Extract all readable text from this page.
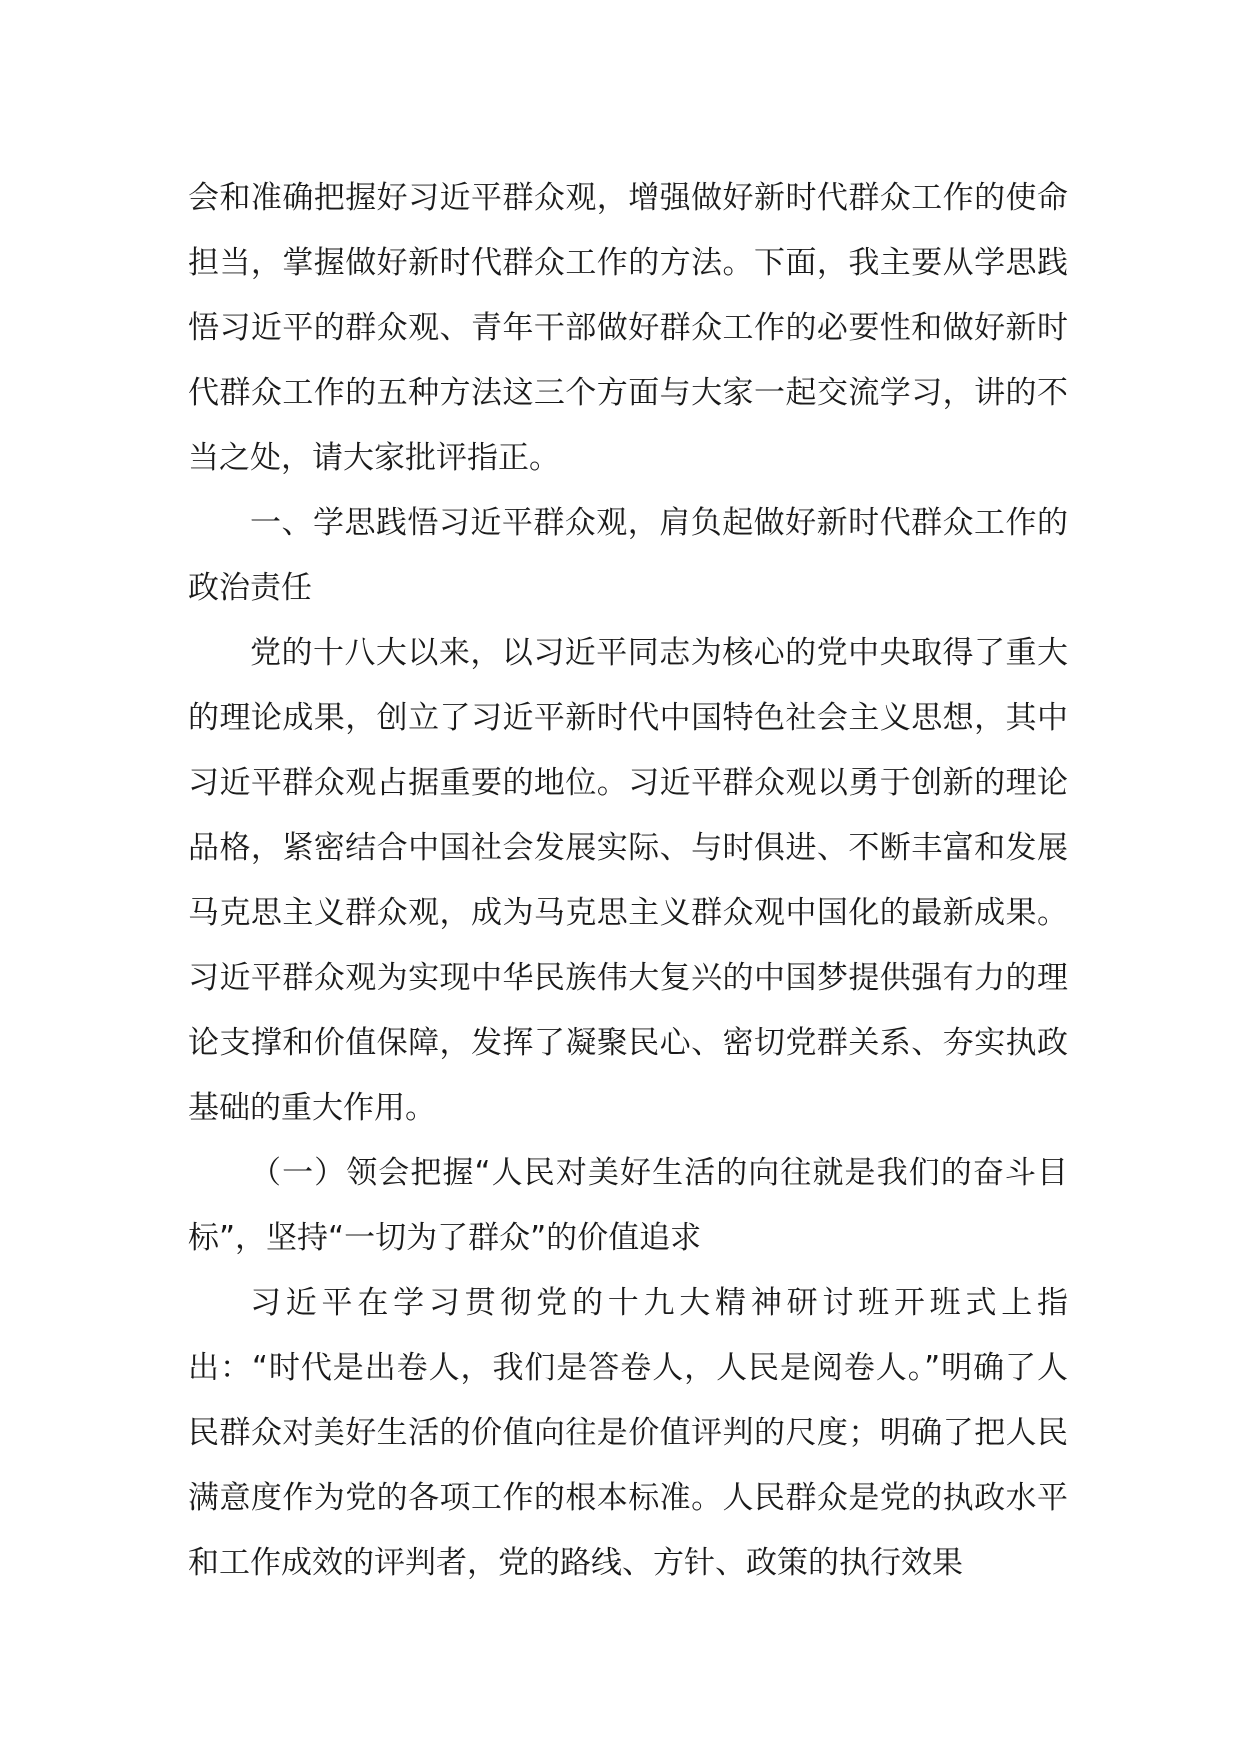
会和准确把握好习近平群众观，增强做好新时代群众工作的使命担当，掌握做好新时代群众工作的方法。下面，我主要从学思践悟习近平的群众观、青年干部做好群众工作的必要性和做好新时代群众工作的五种方法这三个方面与大家一起交流学习，讲的不当之处，请大家批评指正。

一、学思践悟习近平群众观，肩负起做好新时代群众工作的政治责任

党的十八大以来，以习近平同志为核心的党中央取得了重大的理论成果，创立了习近平新时代中国特色社会主义思想，其中习近平群众观占据重要的地位。习近平群众观以勇于创新的理论品格，紧密结合中国社会发展实际、与时俱进、不断丰富和发展马克思主义群众观，成为马克思主义群众观中国化的最新成果。习近平群众观为实现中华民族伟大复兴的中国梦提供强有力的理论支撑和价值保障，发挥了凝聚民心、密切党群关系、夯实执政基础的重大作用。

（一）领会把握“人民对美好生活的向往就是我们的奋斗目标”，坚持“一切为了群众”的价值追求

习近平在学习贯彻党的十九大精神研讨班开班式上指出：“时代是出卷人，我们是答卷人，人民是阅卷人。”明确了人民群众对美好生活的价值向往是价值评判的尺度；明确了把人民满意度作为党的各项工作的根本标准。人民群众是党的执政水平和工作成效的评判者，党的路线、方针、政策的执行效果
